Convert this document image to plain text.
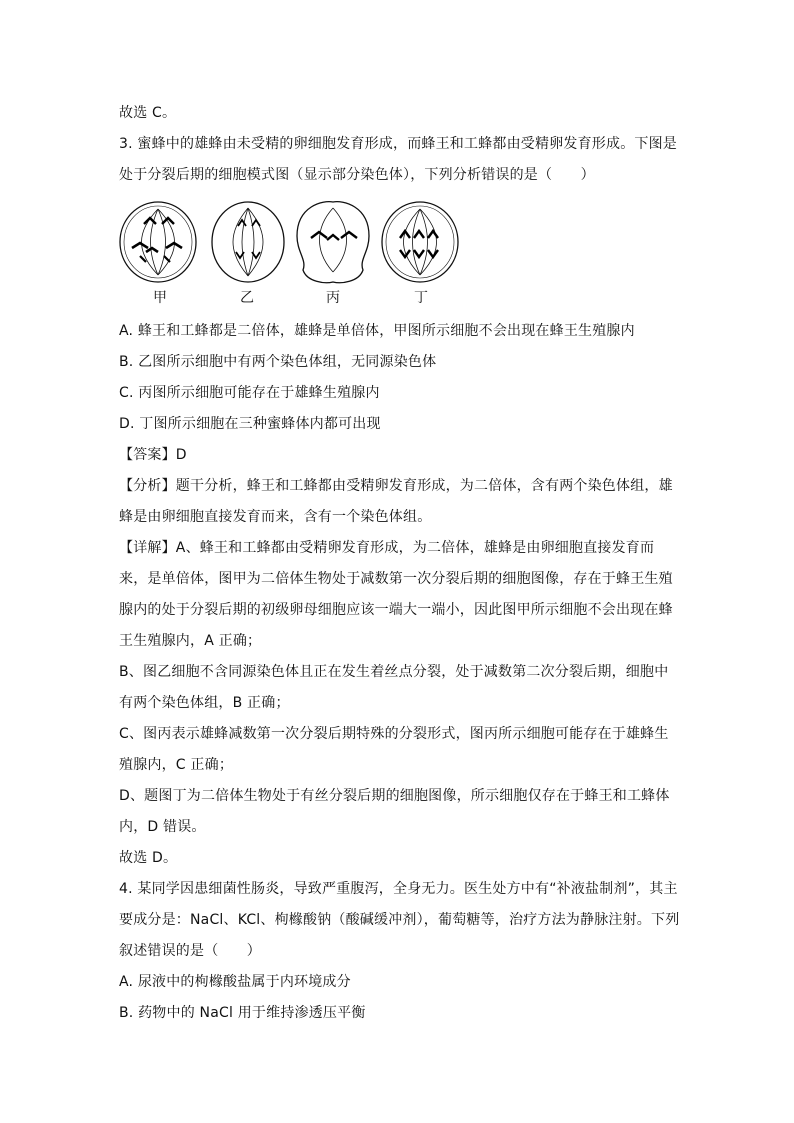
故选 C。
3. 蜜蜂中的雄蜂由未受精的卵细胞发育形成，而蜂王和工蜂都由受精卵发育形成。下图是
处于分裂后期的细胞模式图（显示部分染色体），下列分析错误的是（　　）
甲	乙	丙	丁
A. 蜂王和工蜂都是二倍体，雄蜂是单倍体，甲图所示细胞不会出现在蜂王生殖腺内
B. 乙图所示细胞中有两个染色体组，无同源染色体
C. 丙图所示细胞可能存在于雄蜂生殖腺内
D. 丁图所示细胞在三种蜜蜂体内都可出现
【答案】D
【分析】题干分析，蜂王和工蜂都由受精卵发育形成，为二倍体，含有两个染色体组，雄
蜂是由卵细胞直接发育而来，含有一个染色体组。
【详解】A、蜂王和工蜂都由受精卵发育形成，为二倍体，雄蜂是由卵细胞直接发育而
来，是单倍体，图甲为二倍体生物处于减数第一次分裂后期的细胞图像，存在于蜂王生殖
腺内的处于分裂后期的初级卵母细胞应该一端大一端小，因此图甲所示细胞不会出现在蜂
王生殖腺内，A 正确；
B、图乙细胞不含同源染色体且正在发生着丝点分裂，处于减数第二次分裂后期，细胞中
有两个染色体组，B 正确；
C、图丙表示雄蜂减数第一次分裂后期特殊的分裂形式，图丙所示细胞可能存在于雄蜂生
殖腺内，C 正确；
D、题图丁为二倍体生物处于有丝分裂后期的细胞图像，所示细胞仅存在于蜂王和工蜂体
内，D 错误。
故选 D。
4. 某同学因患细菌性肠炎，导致严重腹泻，全身无力。医生处方中有“补液盐制剂”，其主
要成分是：NaCl、KCl、枸橼酸钠（酸碱缓冲剂），葡萄糖等，治疗方法为静脉注射。下列
叙述错误的是（　　）
A. 尿液中的枸橼酸盐属于内环境成分
B. 药物中的 NaCl 用于维持渗透压平衡
